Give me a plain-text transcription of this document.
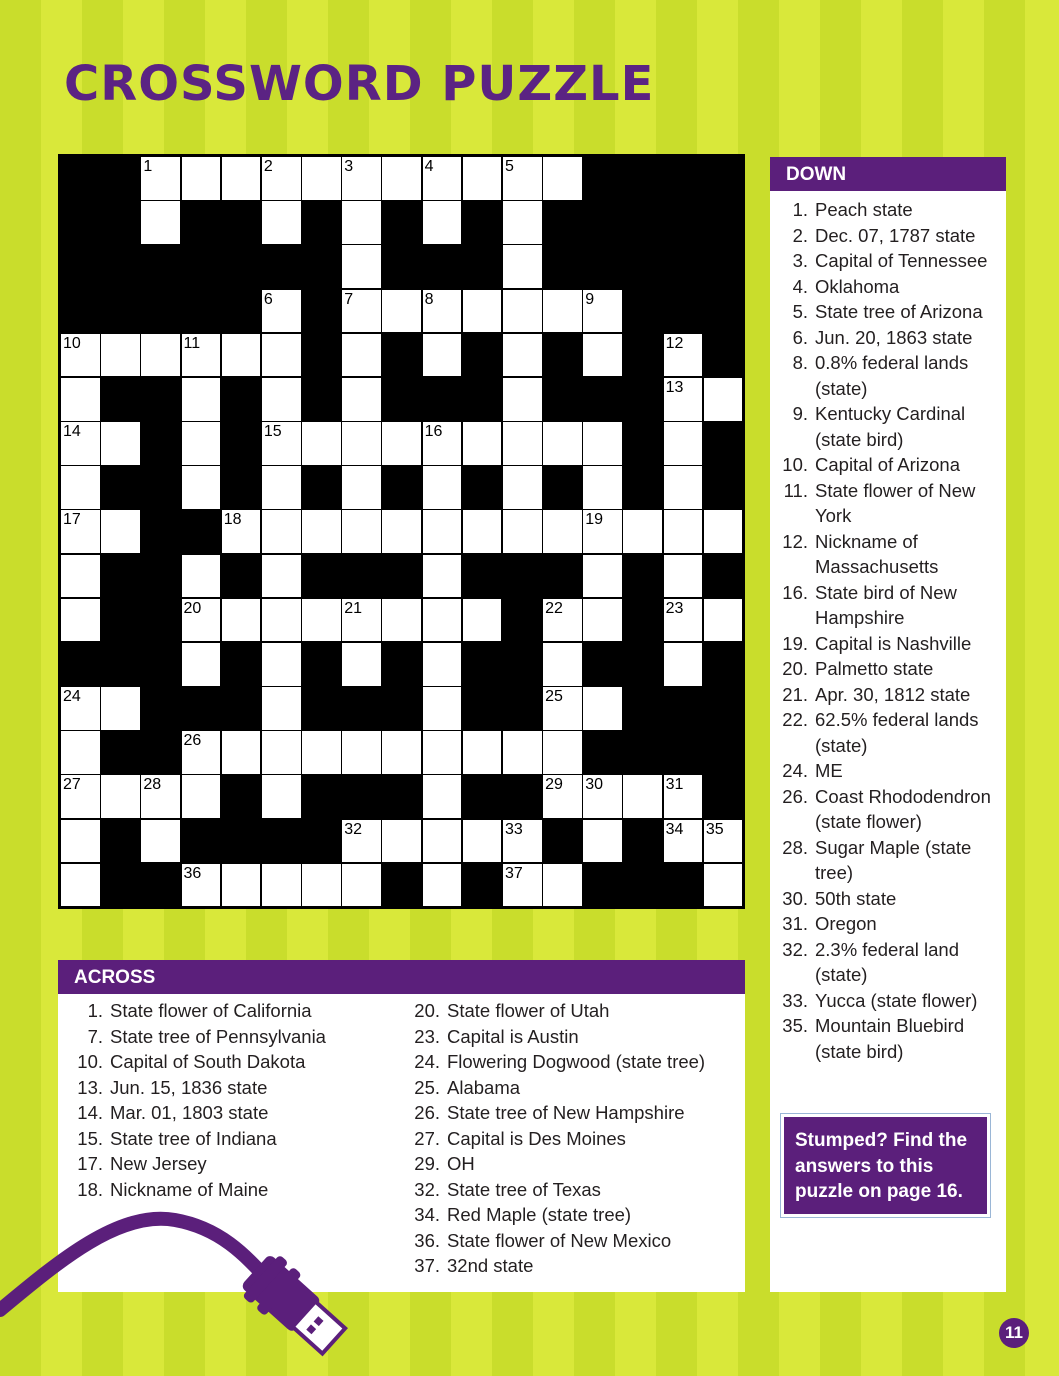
CROSSWORD PUZZLE
1	2	3	4	5
6	7	8	9
10	11	12
13
14	15	16
17	18	19
20	21	22	23
24	25
26
27	28	29 30	31
32	33	34 35
36	37
DOWN
1. Peach state
2. Dec. 07, 1787 state
3. Capital of Tennessee
4. Oklahoma
5. State tree of Arizona
6. Jun. 20, 1863 state
8. 0.8% federal lands (state)
9. Kentucky Cardinal (state bird)
10. Capital of Arizona
11. State flower of New York
12. Nickname of Massachusetts
16. State bird of New Hampshire
19. Capital is Nashville
20. Palmetto state
21. Apr. 30, 1812 state
22. 62.5% federal lands (state)
24. ME
26. Coast Rhododendron (state flower)
28. Sugar Maple (state tree)
30. 50th state
31. Oregon
32. 2.3% federal land (state)
33. Yucca (state flower)
35. Mountain Bluebird (state bird)
ACROSS
1. State flower of California
7. State tree of Pennsylvania
10. Capital of South Dakota
13. Jun. 15, 1836 state
14. Mar. 01, 1803 state
15. State tree of Indiana
17. New Jersey
18. Nickname of Maine
20. State flower of Utah
23. Capital is Austin
24. Flowering Dogwood (state tree)
25. Alabama
26. State tree of New Hampshire
27. Capital is Des Moines
29. OH
32. State tree of Texas
34. Red Maple (state tree)
36. State flower of New Mexico
37. 32nd state
Stumped? Find the answers to this puzzle on page 16.
11
